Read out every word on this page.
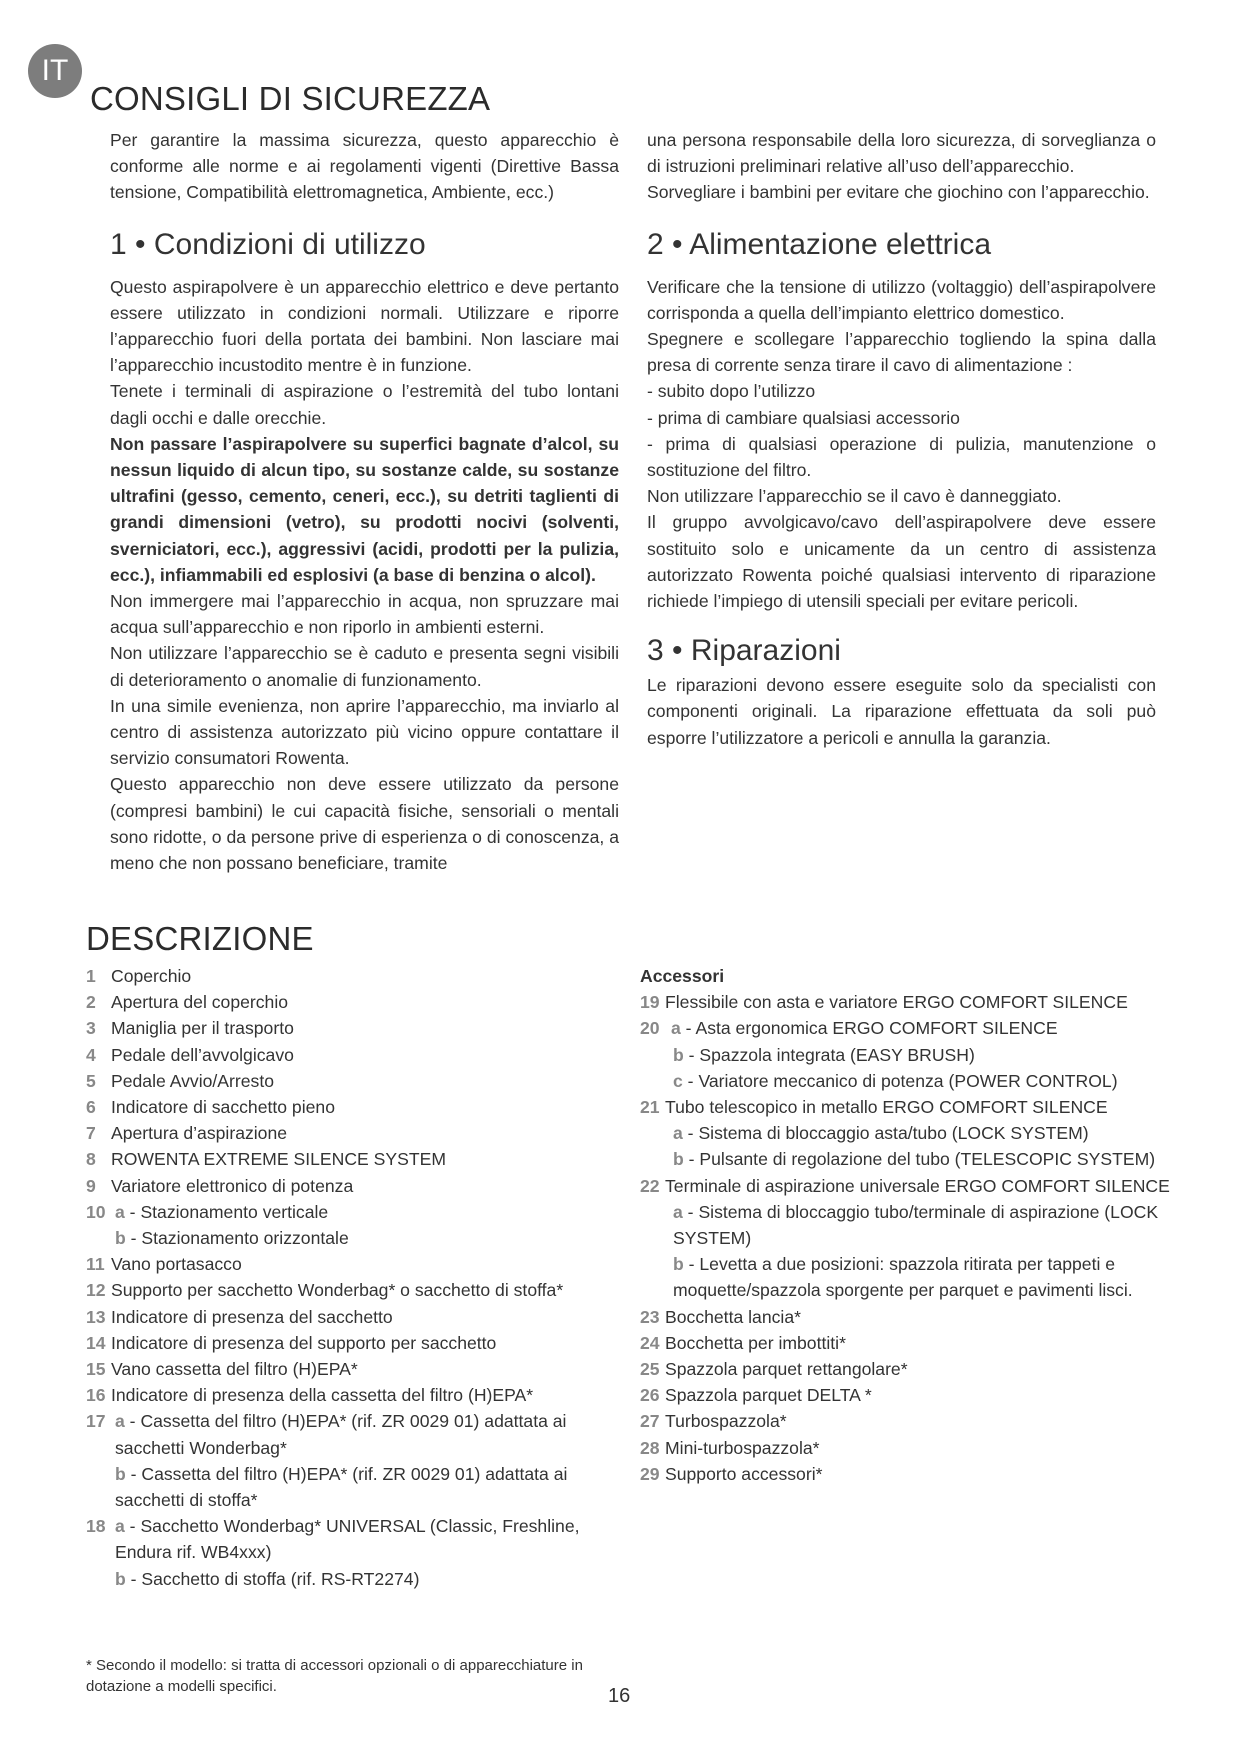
IT
CONSIGLI DI SICUREZZA

Per garantire la massima sicurezza, questo apparecchio è conforme alle norme e ai regolamenti vigenti (Direttive Bassa tensione, Compatibilità elettromagnetica, Ambiente, ecc.)

1 • Condizioni di utilizzo

Questo aspirapolvere è un apparecchio elettrico e deve pertanto essere utilizzato in condizioni normali. Utilizzare e riporre l’apparecchio fuori della portata dei bambini. Non lasciare mai l’apparecchio incustodito mentre è in funzione.

Tenete i terminali di aspirazione o l’estremità del tubo lontani dagli occhi e dalle orecchie.

Non passare l’aspirapolvere su superfici bagnate d’alcol, su nessun liquido di alcun tipo, su sostanze calde, su sostanze ultrafini (gesso, cemento, ceneri, ecc.), su detriti taglienti di grandi dimensioni (vetro), su prodotti nocivi (solventi, sverniciatori, ecc.), aggressivi (acidi, prodotti per la pulizia, ecc.), infiammabili ed esplosivi (a base di benzina o alcol).

Non immergere mai l’apparecchio in acqua, non spruzzare mai acqua sull’apparecchio e non riporlo in ambienti esterni.

Non utilizzare l’apparecchio se è caduto e presenta segni visibili di deterioramento o anomalie di funzionamento.

In una simile evenienza, non aprire l’apparecchio, ma inviarlo al centro di assistenza autorizzato più vicino oppure contattare il servizio consumatori Rowenta.

Questo apparecchio non deve essere utilizzato da persone (compresi bambini) le cui capacità fisiche, sensoriali o mentali sono ridotte, o da persone prive di esperienza o di conoscenza, a meno che non possano beneficiare, tramite

una persona responsabile della loro sicurezza, di sorveglianza o di istruzioni preliminari relative all’uso dell’apparecchio.

Sorvegliare i bambini per evitare che giochino con l’apparecchio.

2 • Alimentazione elettrica

Verificare che la tensione di utilizzo (voltaggio) dell’aspirapolvere corrisponda a quella dell’impianto elettrico domestico.

Spegnere e scollegare l’apparecchio togliendo la spina dalla presa di corrente senza tirare il cavo di alimentazione :

- subito dopo l’utilizzo

- prima di cambiare qualsiasi accessorio

- prima di qualsiasi operazione di pulizia, manutenzione o sostituzione del filtro.

Non utilizzare l’apparecchio se il cavo è danneggiato.

Il gruppo avvolgicavo/cavo dell’aspirapolvere deve essere sostituito solo e unicamente da un centro di assistenza autorizzato Rowenta poiché qualsiasi intervento di riparazione richiede l’impiego di utensili speciali per evitare pericoli.

3 • Riparazioni

Le riparazioni devono essere eseguite solo da specialisti con componenti originali. La riparazione effettuata da soli può esporre l’utilizzatore a pericoli e annulla la garanzia.

DESCRIZIONE
1 Coperchio
2 Apertura del coperchio
3 Maniglia per il trasporto
4 Pedale dell’avvolgicavo
5 Pedale Avvio/Arresto
6 Indicatore di sacchetto pieno
7 Apertura d’aspirazione
8 ROWENTA EXTREME SILENCE SYSTEM
9 Variatore elettronico di potenza
10 a - Stazionamento verticale
b - Stazionamento orizzontale
11 Vano portasacco
12 Supporto per sacchetto Wonderbag* o sacchetto di stoffa*
13 Indicatore di presenza del sacchetto
14 Indicatore di presenza del supporto per sacchetto
15 Vano cassetta del filtro (H)EPA*
16 Indicatore di presenza della cassetta del filtro (H)EPA*
17 a - Cassetta del filtro (H)EPA* (rif. ZR 0029 01) adattata ai sacchetti Wonderbag*
b - Cassetta del filtro (H)EPA* (rif. ZR 0029 01) adattata ai sacchetti di stoffa*
18 a - Sacchetto Wonderbag* UNIVERSAL (Classic, Freshline, Endura rif. WB4xxx)
b - Sacchetto di stoffa (rif. RS-RT2274)
Accessori
19 Flessibile con asta e variatore ERGO COMFORT SILENCE
20 a - Asta ergonomica ERGO COMFORT SILENCE
b - Spazzola integrata (EASY BRUSH)
c - Variatore meccanico di potenza (POWER CONTROL)
21 Tubo telescopico in metallo ERGO COMFORT SILENCE
a - Sistema di bloccaggio asta/tubo (LOCK SYSTEM)
b - Pulsante di regolazione del tubo (TELESCOPIC SYSTEM)
22 Terminale di aspirazione universale ERGO COMFORT SILENCE
a - Sistema di bloccaggio tubo/terminale di aspirazione (LOCK SYSTEM)
b - Levetta a due posizioni: spazzola ritirata per tappeti e moquette/spazzola sporgente per parquet e pavimenti lisci.
23 Bocchetta lancia*
24 Bocchetta per imbottiti*
25 Spazzola parquet rettangolare*
26 Spazzola parquet DELTA *
27 Turbospazzola*
28 Mini-turbospazzola*
29 Supporto accessori*
* Secondo il modello: si tratta di accessori opzionali o di apparecchiature in dotazione a modelli specifici.	16
